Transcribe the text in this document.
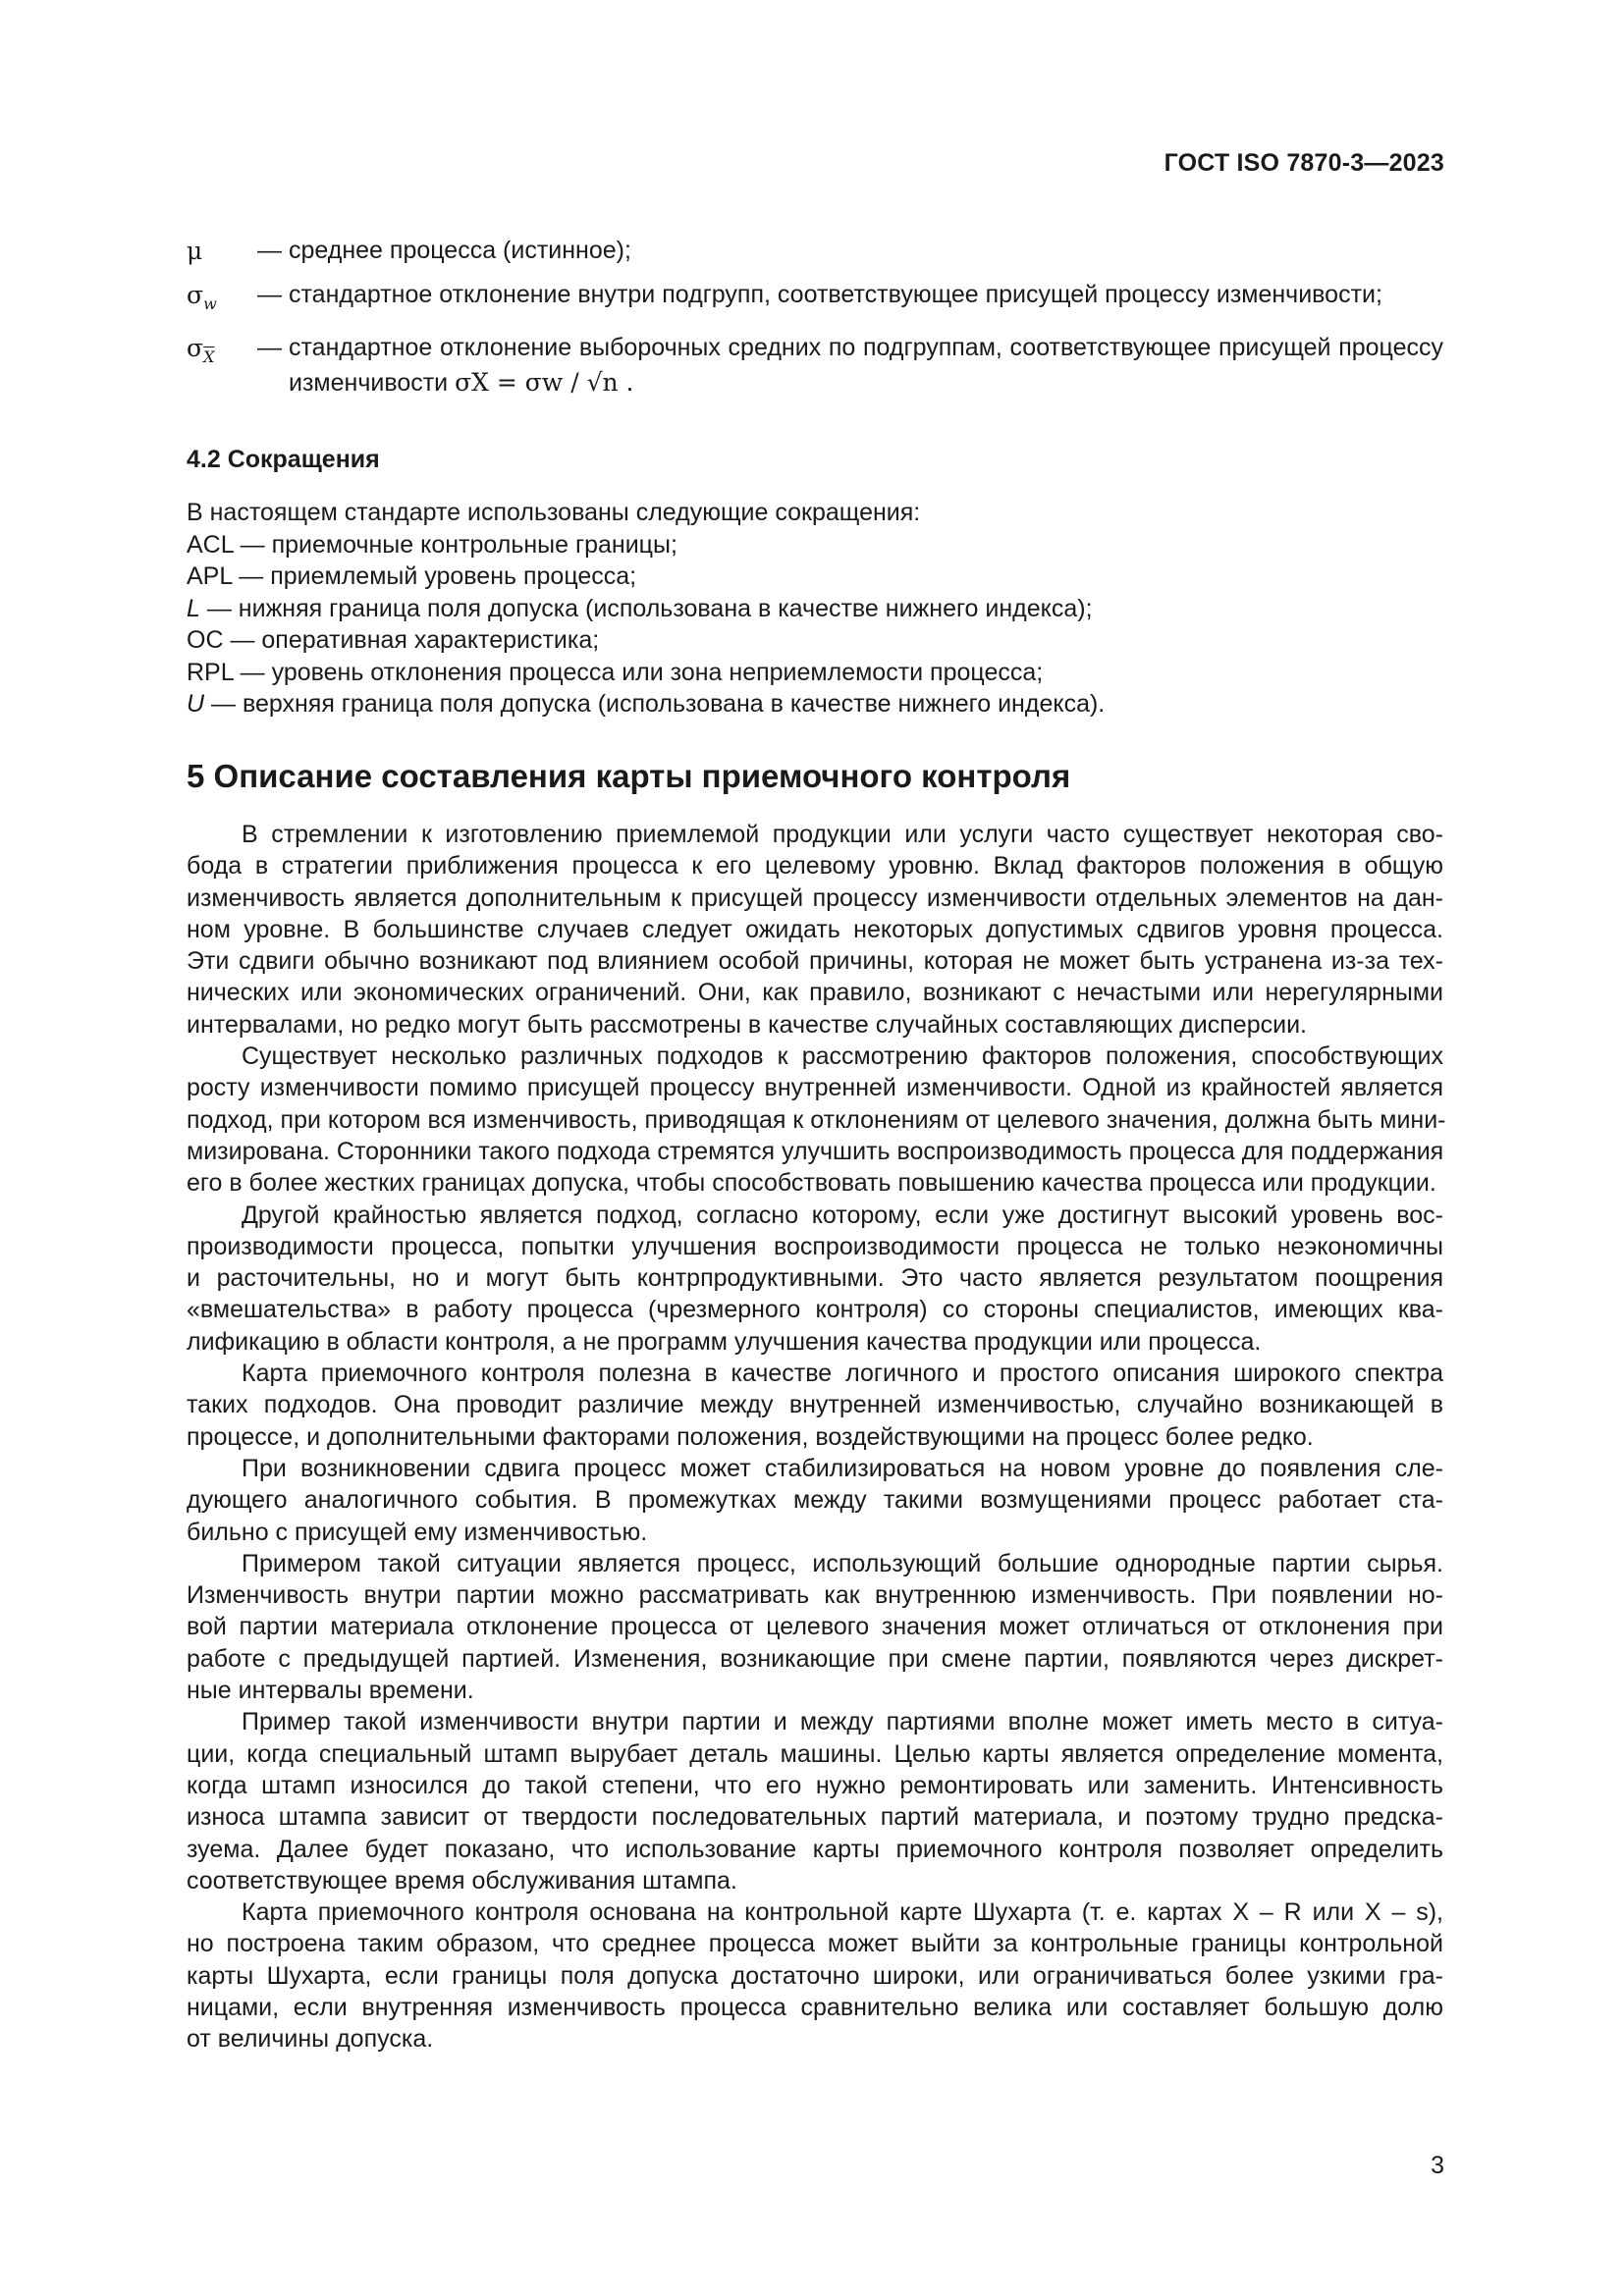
ГОСТ ISO 7870-3—2023
μ	— среднее процесса (истинное);
$\sigma_w$	— стандартное отклонение внутри подгрупп, соответствующее присущей процессу изменчивости;
$\sigma_{\overline{X}}$	— стандартное отклонение выборочных средних по подгруппам, соответствующее присущей процессу изменчивости σX = σw / √n .
4.2 Сокращения
В настоящем стандарте использованы следующие сокращения:
ACL — приемочные контрольные границы;
APL — приемлемый уровень процесса;
L — нижняя граница поля допуска (использована в качестве нижнего индекса);
ОС — оперативная характеристика;
RPL — уровень отклонения процесса или зона неприемлемости процесса;
U — верхняя граница поля допуска (использована в качестве нижнего индекса).
5 Описание составления карты приемочного контроля

В стремлении к изготовлению приемлемой продукции или услуги часто существует некоторая сво-
бода в стратегии приближения процесса к его целевому уровню. Вклад факторов положения в общую
изменчивость является дополнительным к присущей процессу изменчивости отдельных элементов на дан-
ном уровне. В большинстве случаев следует ожидать некоторых допустимых сдвигов уровня процесса.
Эти сдвиги обычно возникают под влиянием особой причины, которая не может быть устранена из-за тех-
нических или экономических ограничений. Они, как правило, возникают с нечастыми или нерегулярными
интервалами, но редко могут быть рассмотрены в качестве случайных составляющих дисперсии.

Существует несколько различных подходов к рассмотрению факторов положения, способствующих
росту изменчивости помимо присущей процессу внутренней изменчивости. Одной из крайностей является
подход, при котором вся изменчивость, приводящая к отклонениям от целевого значения, должна быть мини-
мизирована. Сторонники такого подхода стремятся улучшить воспроизводимость процесса для поддержания
его в более жестких границах допуска, чтобы способствовать повышению качества процесса или продукции.

Другой крайностью является подход, согласно которому, если уже достигнут высокий уровень вос-
производимости процесса, попытки улучшения воспроизводимости процесса не только неэкономичны
и расточительны, но и могут быть контрпродуктивными. Это часто является результатом поощрения
«вмешательства» в работу процесса (чрезмерного контроля) со стороны специалистов, имеющих ква-
лификацию в области контроля, а не программ улучшения качества продукции или процесса.

Карта приемочного контроля полезна в качестве логичного и простого описания широкого спектра
таких подходов. Она проводит различие между внутренней изменчивостью, случайно возникающей в
процессе, и дополнительными факторами положения, воздействующими на процесс более редко.

При возникновении сдвига процесс может стабилизироваться на новом уровне до появления сле-
дующего аналогичного события. В промежутках между такими возмущениями процесс работает ста-
бильно с присущей ему изменчивостью.

Примером такой ситуации является процесс, использующий большие однородные партии сырья.
Изменчивость внутри партии можно рассматривать как внутреннюю изменчивость. При появлении но-
вой партии материала отклонение процесса от целевого значения может отличаться от отклонения при
работе с предыдущей партией. Изменения, возникающие при смене партии, появляются через дискрет-
ные интервалы времени.

Пример такой изменчивости внутри партии и между партиями вполне может иметь место в ситуа-
ции, когда специальный штамп вырубает деталь машины. Целью карты является определение момента,
когда штамп износился до такой степени, что его нужно ремонтировать или заменить. Интенсивность
износа штампа зависит от твердости последовательных партий материала, и поэтому трудно предска-
зуема. Далее будет показано, что использование карты приемочного контроля позволяет определить
соответствующее время обслуживания штампа.

Карта приемочного контроля основана на контрольной карте Шухарта (т. е. картах X – R или X – s),
но построена таким образом, что среднее процесса может выйти за контрольные границы контрольной
карты Шухарта, если границы поля допуска достаточно широки, или ограничиваться более узкими гра-
ницами, если внутренняя изменчивость процесса сравнительно велика или составляет большую долю
от величины допуска.

3
